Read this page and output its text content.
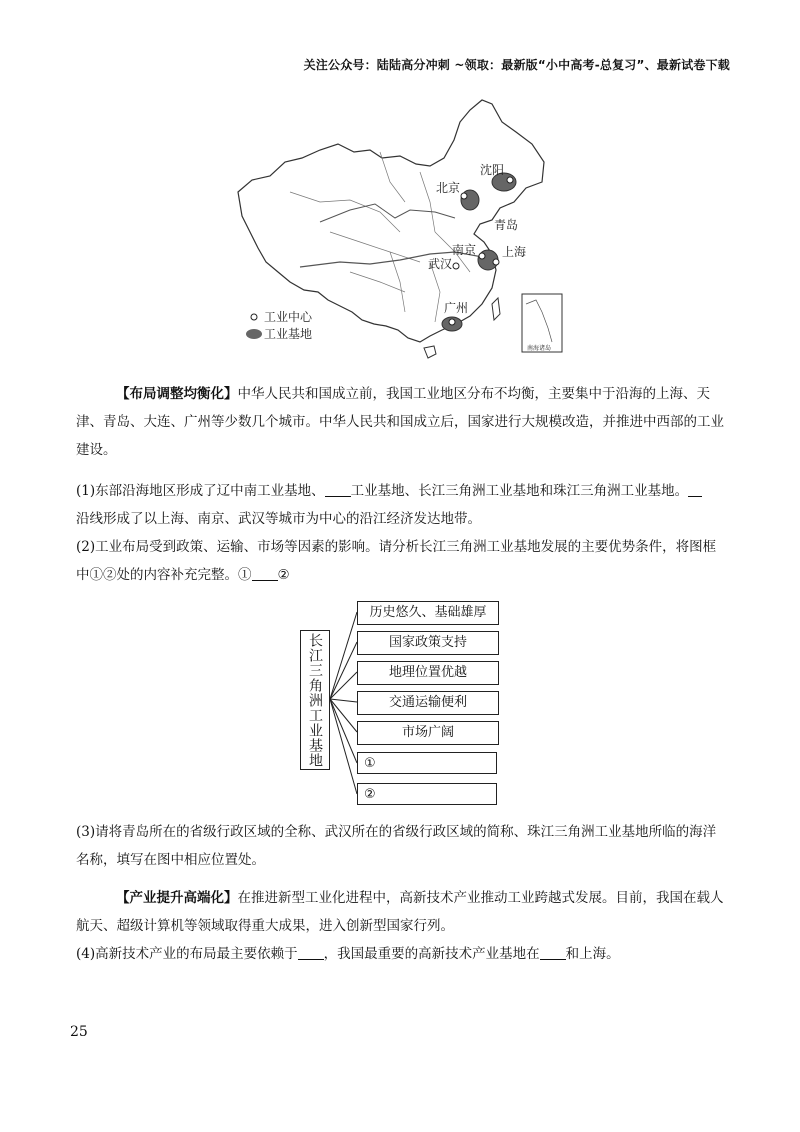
关注公众号：陆陆高分冲刺 ~领取：最新版“小中高考-总复习”、最新试卷下载
沈阳
北京
青岛
南京 上海
武汉
广州
工业中心
工业基地
南海诸岛
【布局调整均衡化】中华人民共和国成立前，我国工业地区分布不均衡，主要集中于沿海的上海、天津、青岛、大连、广州等少数几个城市。中华人民共和国成立后，国家进行大规模改造，并推进中西部的工业建设。
(1)东部沿海地区形成了辽中南工业基地、 工业基地、长江三角洲工业基地和珠江三角洲工业基地。
沿线形成了以上海、南京、武汉等城市为中心的沿江经济发达地带。
(2)工业布局受到政策、运输、市场等因素的影响。请分析长江三角洲工业基地发展的主要优势条件，将图框中①②处的内容补充完整。① ②
长江三角洲工业基地
历史悠久、基础雄厚
国家政策支持
地理位置优越
交通运输便利
市场广阔
①
②
(3)请将青岛所在的省级行政区域的全称、武汉所在的省级行政区域的简称、珠江三角洲工业基地所临的海洋名称，填写在图中相应位置处。
【产业提升高端化】在推进新型工业化进程中，高新技术产业推动工业跨越式发展。目前，我国在载人航天、超级计算机等领域取得重大成果，进入创新型国家行列。
(4)高新技术产业的布局最主要依赖于 ，我国最重要的高新技术产业基地在 和上海。
25
